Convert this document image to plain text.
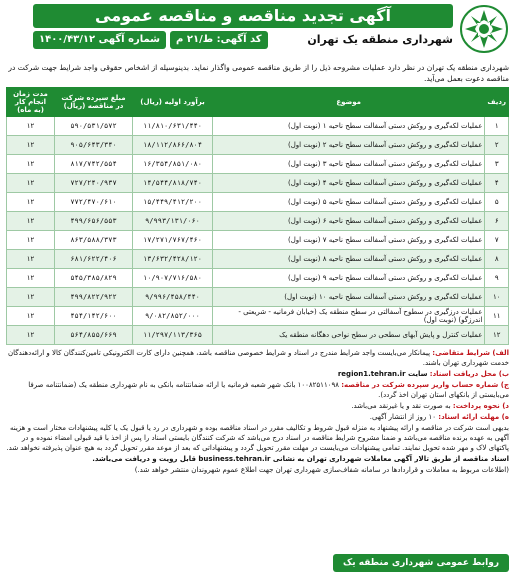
آگهی تجدید مناقصه و مناقصه عمومی
شهرداری منطقه یک تهران
کد آگهی: ط/۲۱ م
شماره آگهی ۱۴۰۰/۴۳/۱۲

شهرداری منطقه یک تهران در نظر دارد عملیات مشروحه ذیل را از طریق مناقصه عمومی واگذار نماید. بدینوسیله از اشخاص حقوقی واجد شرایط جهت شرکت در مناقصه دعوت بعمل می‌آید.

ردیف	موضوع	برآورد اولیه (ریال)	مبلغ سپرده شرکت در مناقصه (ریال)	مدت زمان انجام کار (به ماه)
۱	عملیات لکه‌گیری و روکش دستی آسفالت سطح ناحیه ۱ (نوبت اول)	۱۱/۸۱۰/۶۳۱/۴۴۰	۵۹۰/۵۳۱/۵۷۲	۱۲
۲	عملیات لکه‌گیری و روکش دستی آسفالت سطح ناحیه ۲ (نوبت اول)	۱۸/۱۱۲/۸۶۶/۸۰۴	۹۰۵/۶۴۳/۳۴۰	۱۲
۳	عملیات لکه‌گیری و روکش دستی آسفالت سطح ناحیه ۳ (نوبت اول)	۱۶/۳۵۴/۸۵۱/۰۸۰	۸۱۷/۷۴۲/۵۵۴	۱۲
۴	عملیات لکه‌گیری و روکش دستی آسفالت سطح ناحیه ۴ (نوبت اول)	۱۴/۵۴۴/۸۱۸/۷۴۰	۷۲۷/۲۴۰/۹۳۷	۱۲
۵	عملیات لکه‌گیری و روکش دستی آسفالت سطح ناحیه ۵ (نوبت اول)	۱۵/۴۴۹/۴۱۲/۲۰۰	۷۷۲/۴۷۰/۶۱۰	۱۲
۶	عملیات لکه‌گیری و روکش دستی آسفالت سطح ناحیه ۶ (نوبت اول)	۹/۹۹۳/۱۳۱/۰۶۰	۴۹۹/۶۵۶/۵۵۳	۱۲
۷	عملیات لکه‌گیری و روکش دستی آسفالت سطح ناحیه ۷ (نوبت اول)	۱۷/۲۷۱/۷۶۷/۴۶۰	۸۶۳/۵۸۸/۳۷۳	۱۲
۸	عملیات لکه‌گیری و روکش دستی آسفالت سطح ناحیه ۸ (نوبت اول)	۱۳/۶۳۲/۴۲۸/۱۲۰	۶۸۱/۶۲۲/۴۰۶	۱۲
۹	عملیات لکه‌گیری و روکش دستی آسفالت سطح ناحیه ۹ (نوبت اول)	۱۰/۹۰۷/۷۱۶/۵۸۰	۵۴۵/۳۸۵/۸۲۹	۱۲
۱۰	عملیات لکه‌گیری و روکش دستی آسفالت سطح ناحیه ۱۰ (نوبت اول)	۹/۹۹۶/۴۵۸/۴۴۰	۴۹۹/۸۲۲/۹۲۲	۱۲
۱۱	عملیات درزگیری در سطوح آسفالتی در سطح منطقه یک (خیابان فرمانیه - شریعتی - اندرزگو) (نوبت اول)	۹/۰۸۲/۸۵۲/۰۰۰	۴۵۴/۱۴۲/۶۰۰	۱۲
۱۲	عملیات کنترل و پایش آبهای سطحی در سطح نواحی دهگانه منطقه یک	۱۱/۲۹۷/۱۱۳/۳۶۵	۵۶۴/۸۵۵/۶۶۹	۱۲

الف) شرایط متقاضی: پیمانکار می‌بایست واجد شرایط مندرج در اسناد و شرایط خصوصی مناقصه باشد، همچنین دارای کارت الکترونیکی تامین‌کنندگان کالا و ارائه‌دهندگان خدمت شهرداری تهران باشند.

ب) محل دریافت اسناد: سایت region1.tehran.ir

ج) شماره حساب واریز سپرده شرکت در مناقصه: ۱۰۰۸۲۵۱۱۰۹۸ بانک شهر شعبه فرمانیه یا ارائه ضمانتنامه بانکی به نام شهرداری منطقه یک (ضمانتنامه صرفا می‌بایستی از بانکهای استان تهران اخذ گردد).

د) نحوه پرداخت: به صورت نقد و یا غیرنقد می‌باشد.

ه) مهلت ارائه اسناد: ۱۰ روز از انتشار آگهی.

بدیهی است شرکت در مناقصه و ارائه پیشنهاد به منزله قبول شروط و تکالیف مقرر در اسناد مناقصه بوده و شهرداری در رد یا قبول یک یا کلیه پیشنهادات مختار است و هزینه آگهی به عهده برنده مناقصه می‌باشد و ضمنا مشروح شرایط مناقصه در اسناد درج می‌باشد که شرکت کنندگان بایستی اسناد را پس از اخذ با قید قبولی امضاء نموده و در پاکتهای لاک و مهر شده تحویل نمایند. تمامی پیشنهادات می‌بایست در مهلت مقرر تحویل گردد و پیشنهاداتی که بعد از موعد مقرر تحویل گردد به هیچ عنوان پذیرفته نخواهد شد.

اسناد مناقصه از طریق تالار آگهی معاملات شهرداری تهران به نشانی business.tehran.ir قابل رویت و دریافت می‌باشد.

(اطلاعات مربوط به معاملات و قراردادها در سامانه شفاف‌سازی شهرداری تهران جهت اطلاع عموم شهروندان منتشر خواهد شد.)

روابط عمومی شهرداری منطقه یک
